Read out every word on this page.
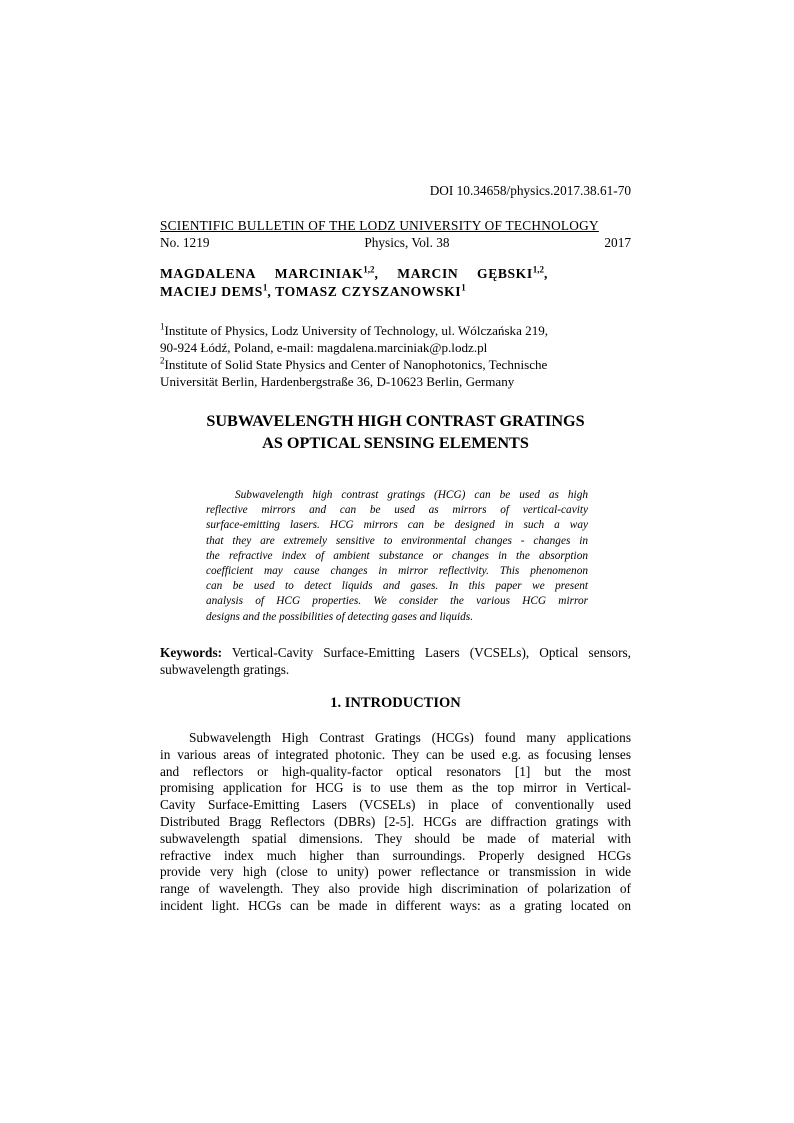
DOI 10.34658/physics.2017.38.61-70
SCIENTIFIC BULLETIN OF THE LODZ UNIVERSITY OF TECHNOLOGY
No. 1219	Physics, Vol. 38	2017
MAGDALENA MARCINIAK$^{1,2}$, MARCIN GĘBSKI$^{1,2}$,
MACIEJ DEMS$^1$, TOMASZ CZYSZANOWSKI$^1$
$^1$Institute of Physics, Lodz University of Technology, ul. Wólczańska 219,
90-924 Łódź, Poland, e-mail: magdalena.marciniak@p.lodz.pl
$^2$Institute of Solid State Physics and Center of Nanophotonics, Technische
Universität Berlin, Hardenbergstraße 36, D-10623 Berlin, Germany
SUBWAVELENGTH HIGH CONTRAST GRATINGS
AS OPTICAL SENSING ELEMENTS
Subwavelength high contrast gratings (HCG) can be used as high
reflective mirrors and can be used as mirrors of vertical-cavity
surface-emitting lasers. HCG mirrors can be designed in such a way
that they are extremely sensitive to environmental changes - changes in
the refractive index of ambient substance or changes in the absorption
coefficient may cause changes in mirror reflectivity. This phenomenon
can be used to detect liquids and gases. In this paper we present
analysis of HCG properties. We consider the various HCG mirror
designs and the possibilities of detecting gases and liquids.
Keywords: Vertical-Cavity Surface-Emitting Lasers (VCSELs), Optical sensors,
subwavelength gratings.
1. INTRODUCTION
Subwavelength High Contrast Gratings (HCGs) found many applications
in various areas of integrated photonic. They can be used e.g. as focusing lenses
and reflectors or high-quality-factor optical resonators [1] but the most
promising application for HCG is to use them as the top mirror in Vertical-
Cavity Surface-Emitting Lasers (VCSELs) in place of conventionally used
Distributed Bragg Reflectors (DBRs) [2-5]. HCGs are diffraction gratings with
subwavelength spatial dimensions. They should be made of material with
refractive index much higher than surroundings. Properly designed HCGs
provide very high (close to unity) power reflectance or transmission in wide
range of wavelength. They also provide high discrimination of polarization of
incident light. HCGs can be made in different ways: as a grating located on
